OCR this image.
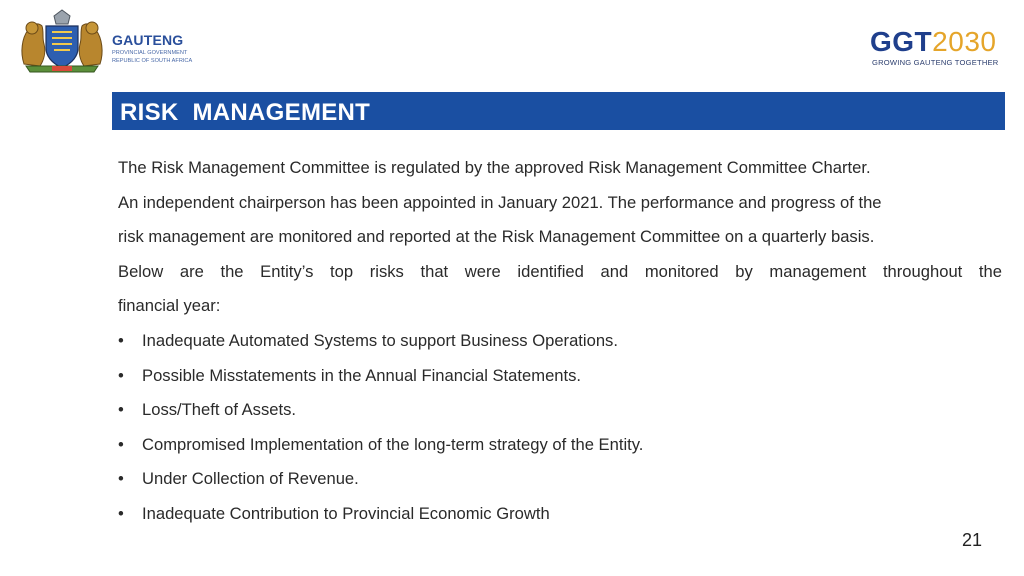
GAUTENG
PROVINCIAL GOVERNMENT
REPUBLIC OF SOUTH AFRICA
GGT2030
GROWING GAUTENG TOGETHER
RISK  MANAGEMENT
The Risk Management Committee is regulated by the approved Risk Management Committee Charter.
An independent chairperson has been appointed in January 2021. The performance and progress of the
risk management are monitored and reported at the Risk Management Committee on a quarterly basis.
Below are the Entity’s top risks that were identified and monitored by management throughout the
financial year:
• Inadequate Automated Systems to support Business Operations.
• Possible Misstatements in the Annual Financial Statements.
• Loss/Theft of Assets.
• Compromised Implementation of the long-term strategy of the Entity.
• Under Collection of Revenue.
• Inadequate Contribution to Provincial Economic Growth
21
